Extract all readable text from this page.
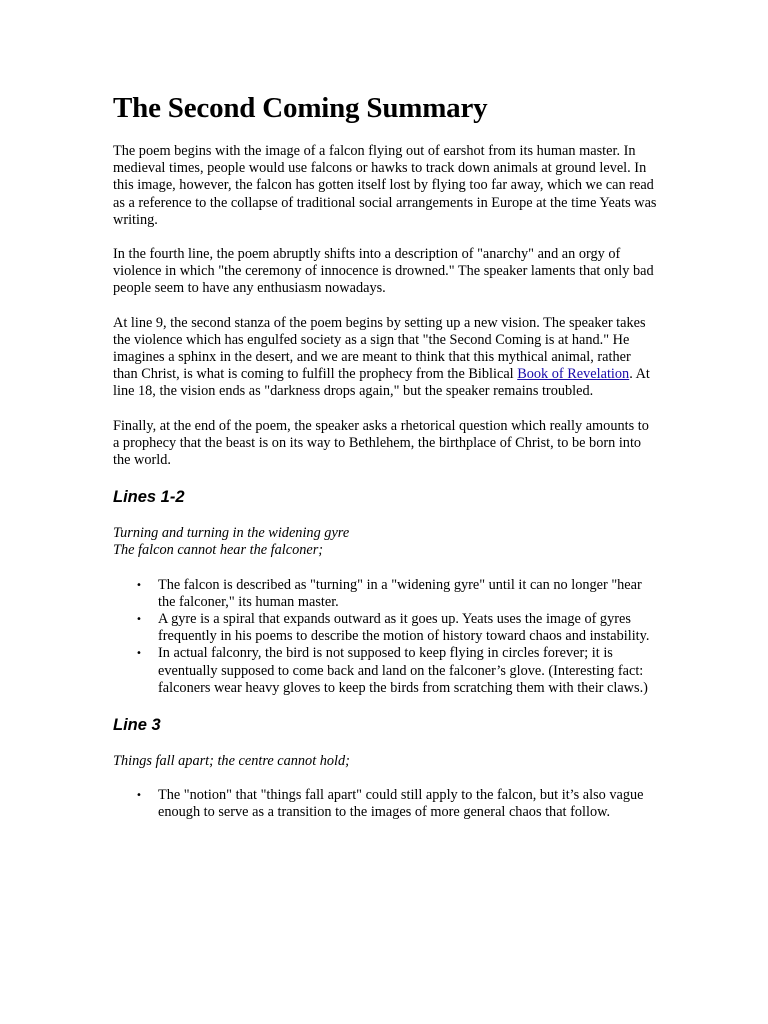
The Second Coming Summary

The poem begins with the image of a falcon flying out of earshot from its human master. In medieval times, people would use falcons or hawks to track down animals at ground level. In this image, however, the falcon has gotten itself lost by flying too far away, which we can read as a reference to the collapse of traditional social arrangements in Europe at the time Yeats was writing.

In the fourth line, the poem abruptly shifts into a description of "anarchy" and an orgy of violence in which "the ceremony of innocence is drowned." The speaker laments that only bad people seem to have any enthusiasm nowadays.

At line 9, the second stanza of the poem begins by setting up a new vision. The speaker takes the violence which has engulfed society as a sign that "the Second Coming is at hand." He imagines a sphinx in the desert, and we are meant to think that this mythical animal, rather than Christ, is what is coming to fulfill the prophecy from the Biblical Book of Revelation. At line 18, the vision ends as "darkness drops again," but the speaker remains troubled.

Finally, at the end of the poem, the speaker asks a rhetorical question which really amounts to a prophecy that the beast is on its way to Bethlehem, the birthplace of Christ, to be born into the world.

Lines 1-2
Turning and turning in the widening gyre
The falcon cannot hear the falconer;
• The falcon is described as "turning" in a "widening gyre" until it can no longer "hear the falconer," its human master.
• A gyre is a spiral that expands outward as it goes up. Yeats uses the image of gyres frequently in his poems to describe the motion of history toward chaos and instability.
• In actual falconry, the bird is not supposed to keep flying in circles forever; it is eventually supposed to come back and land on the falconer’s glove. (Interesting fact: falconers wear heavy gloves to keep the birds from scratching them with their claws.)
Line 3
Things fall apart; the centre cannot hold;
• The "notion" that "things fall apart" could still apply to the falcon, but it’s also vague enough to serve as a transition to the images of more general chaos that follow.
